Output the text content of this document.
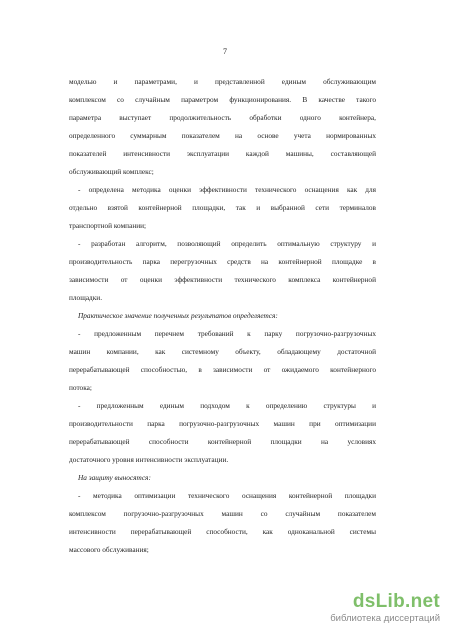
7
моделью и параметрами, и представленной единым обслуживающим
комплексом со случайным параметром функционирования. В качестве такого
параметра выступает продолжительность обработки одного контейнера,
определенного суммарным показателем на основе учета нормированных
показателей интенсивности эксплуатации каждой машины, составляющей
обслуживающий комплекс;
- определена методика оценки эффективности технического оснащения как для
отдельно взятой контейнерной площадки, так и выбранной сети терминалов
транспортной компании;
- разработан алгоритм, позволяющий определить оптимальную структуру и
производительность парка перегрузочных средств на контейнерной площадке в
зависимости от оценки эффективности технического комплекса контейнерной
площадки.
Практическое значение полученных результатов определяется:
- предложенным перечнем требований к парку погрузочно-разгрузочных
машин компании, как системному объекту, обладающему достаточной
перерабатывающей способностью, в зависимости от ожидаемого контейнерного
потока;
- предложенным единым подходом к определению структуры и
производительности парка погрузочно-разгрузочных машин при оптимизации
перерабатывающей способности контейнерной площадки на условиях
достаточного уровня интенсивности эксплуатации.
На защиту выносятся:
- методика оптимизации технического оснащения контейнерной площадки
комплексом погрузочно-разгрузочных машин со случайным показателем
интенсивности перерабатывающей способности, как одноканальной системы
массового обслуживания;
dsLib.net
библиотека диссертаций
